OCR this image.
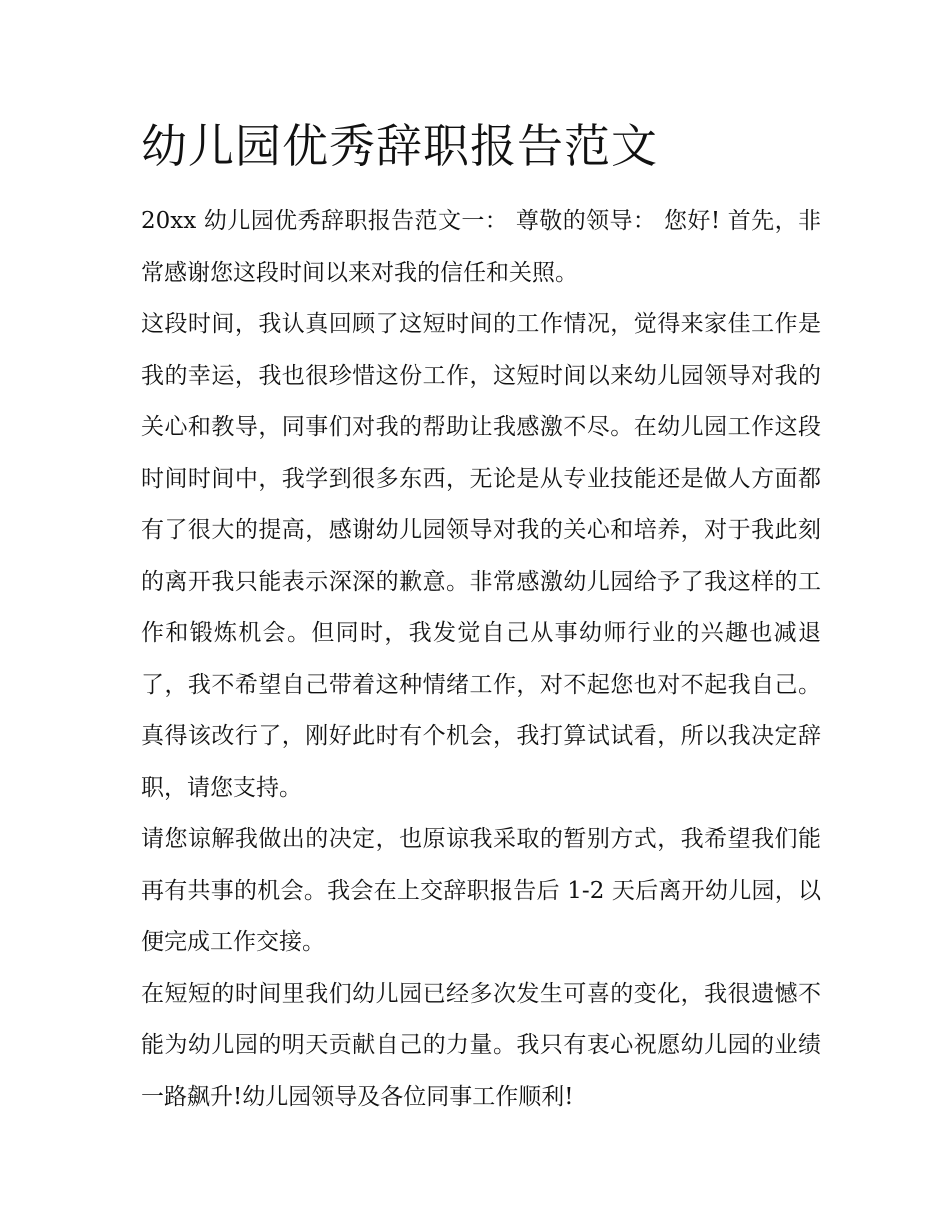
幼儿园优秀辞职报告范文

20xx 幼儿园优秀辞职报告范文一： 尊敬的领导： 您好! 首先，非常感谢您这段时间以来对我的信任和关照。

这段时间，我认真回顾了这短时间的工作情况，觉得来家佳工作是我的幸运，我也很珍惜这份工作，这短时间以来幼儿园领导对我的关心和教导，同事们对我的帮助让我感激不尽。在幼儿园工作这段时间时间中，我学到很多东西，无论是从专业技能还是做人方面都有了很大的提高，感谢幼儿园领导对我的关心和培养，对于我此刻的离开我只能表示深深的歉意。非常感激幼儿园给予了我这样的工作和锻炼机会。但同时，我发觉自己从事幼师行业的兴趣也减退了，我不希望自己带着这种情绪工作，对不起您也对不起我自己。真得该改行了，刚好此时有个机会，我打算试试看，所以我决定辞职，请您支持。

请您谅解我做出的决定，也原谅我采取的暂别方式，我希望我们能再有共事的机会。我会在上交辞职报告后 1-2 天后离开幼儿园，以便完成工作交接。

在短短的时间里我们幼儿园已经多次发生可喜的变化，我很遗憾不能为幼儿园的明天贡献自己的力量。我只有衷心祝愿幼儿园的业绩一路飙升!幼儿园领导及各位同事工作顺利!
